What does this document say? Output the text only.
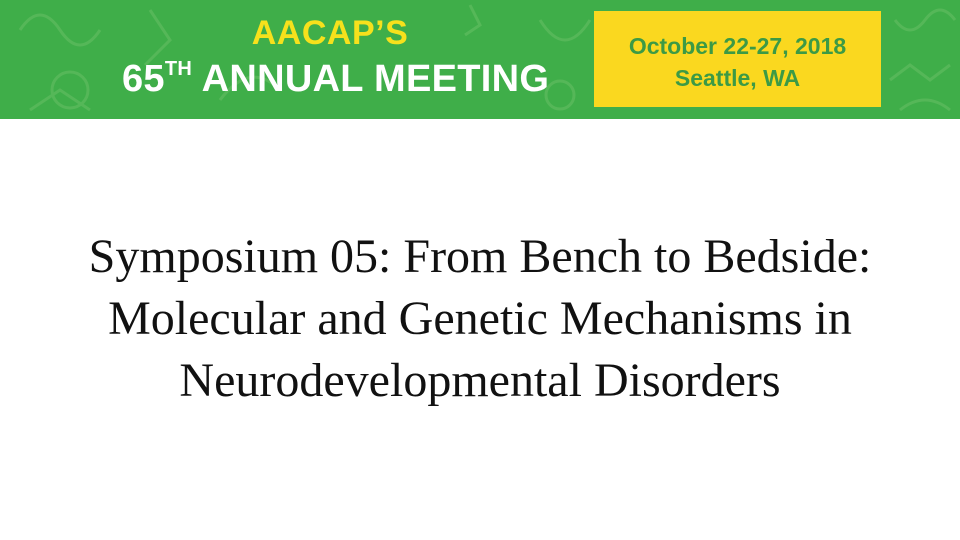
AACAP’S
65TH ANNUAL MEETING
October 22-27, 2018
Seattle, WA
Symposium 05: From Bench to Bedside:
Molecular and Genetic Mechanisms in
Neurodevelopmental Disorders
